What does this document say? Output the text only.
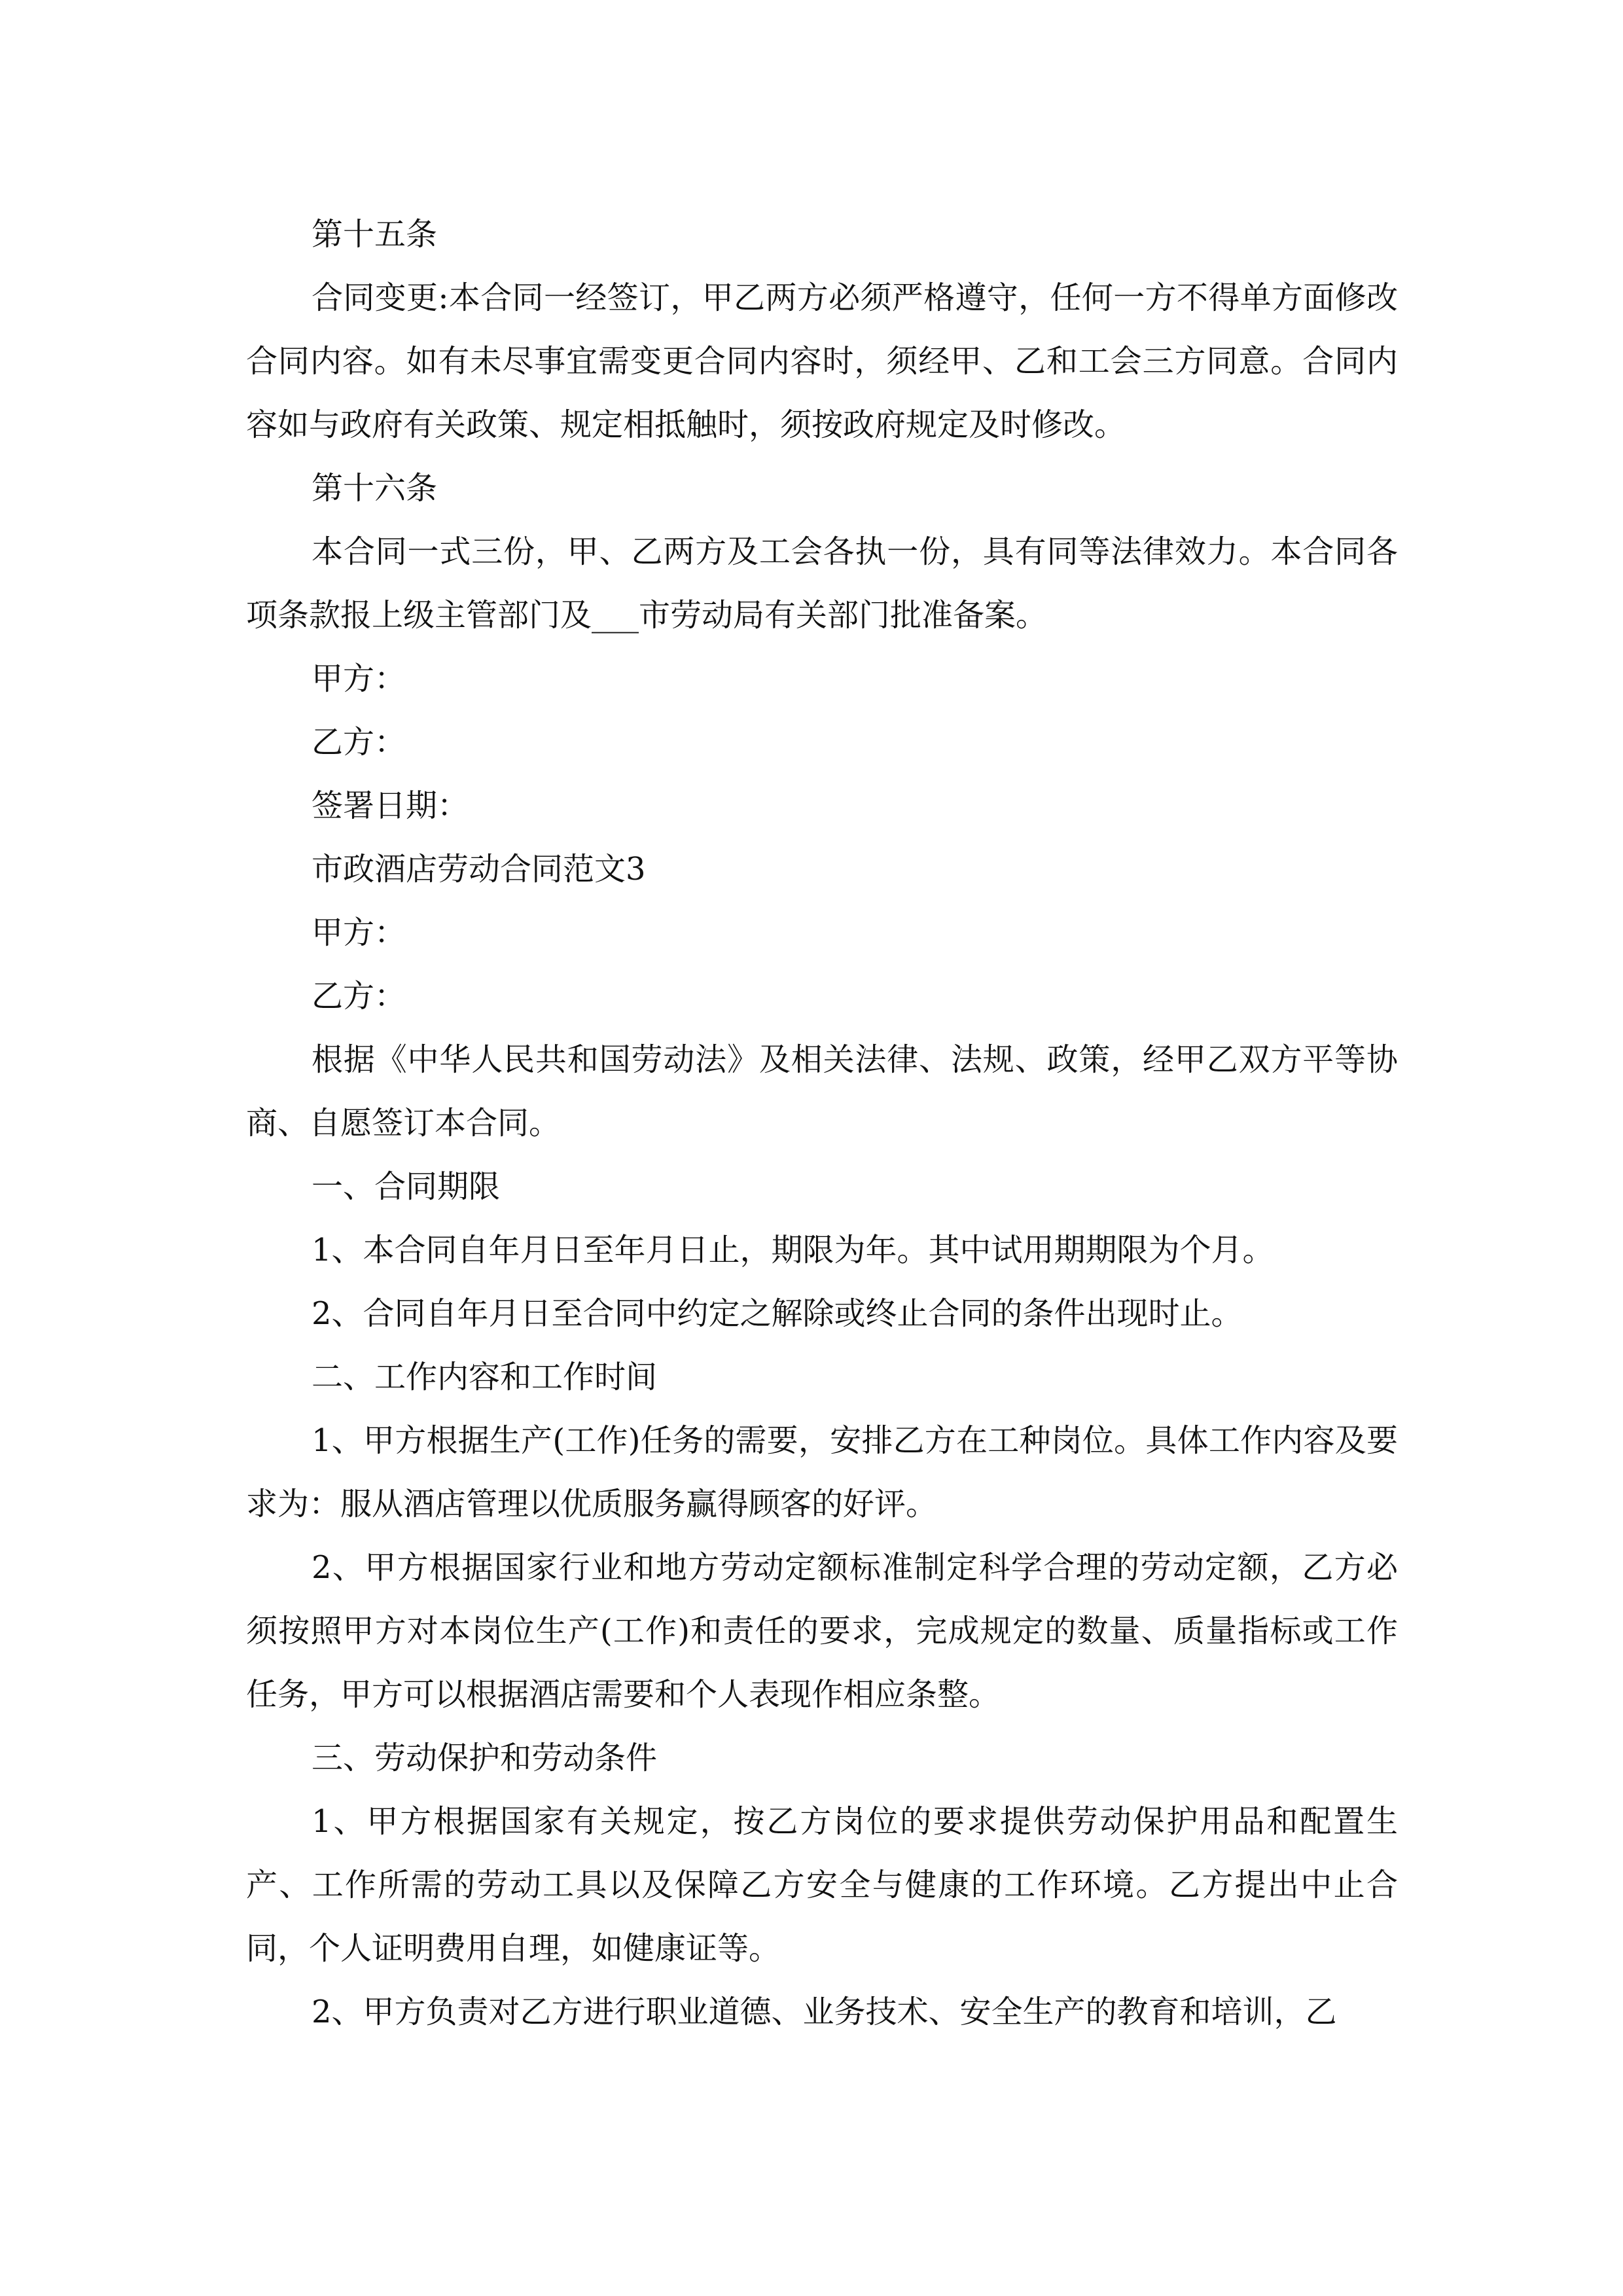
第十五条

合同变更:本合同一经签订，甲乙两方必须严格遵守，任何一方不得单方面修改合同内容。如有未尽事宜需变更合同内容时，须经甲、乙和工会三方同意。合同内容如与政府有关政策、规定相抵触时，须按政府规定及时修改。

第十六条

本合同一式三份，甲、乙两方及工会各执一份，具有同等法律效力。本合同各项条款报上级主管部门及___市劳动局有关部门批准备案。

甲方：

乙方：

签署日期：

市政酒店劳动合同范文3

甲方：

乙方：

根据《中华人民共和国劳动法》及相关法律、法规、政策，经甲乙双方平等协商、自愿签订本合同。

一、合同期限

1、本合同自年月日至年月日止，期限为年。其中试用期期限为个月。

2、合同自年月日至合同中约定之解除或终止合同的条件出现时止。

二、工作内容和工作时间

1、甲方根据生产(工作)任务的需要，安排乙方在工种岗位。具体工作内容及要求为：服从酒店管理以优质服务赢得顾客的好评。

2、甲方根据国家行业和地方劳动定额标准制定科学合理的劳动定额，乙方必须按照甲方对本岗位生产(工作)和责任的要求，完成规定的数量、质量指标或工作任务，甲方可以根据酒店需要和个人表现作相应条整。

三、劳动保护和劳动条件

1、甲方根据国家有关规定，按乙方岗位的要求提供劳动保护用品和配置生产、工作所需的劳动工具以及保障乙方安全与健康的工作环境。乙方提出中止合同，个人证明费用自理，如健康证等。

2、甲方负责对乙方进行职业道德、业务技术、安全生产的教育和培训，乙
